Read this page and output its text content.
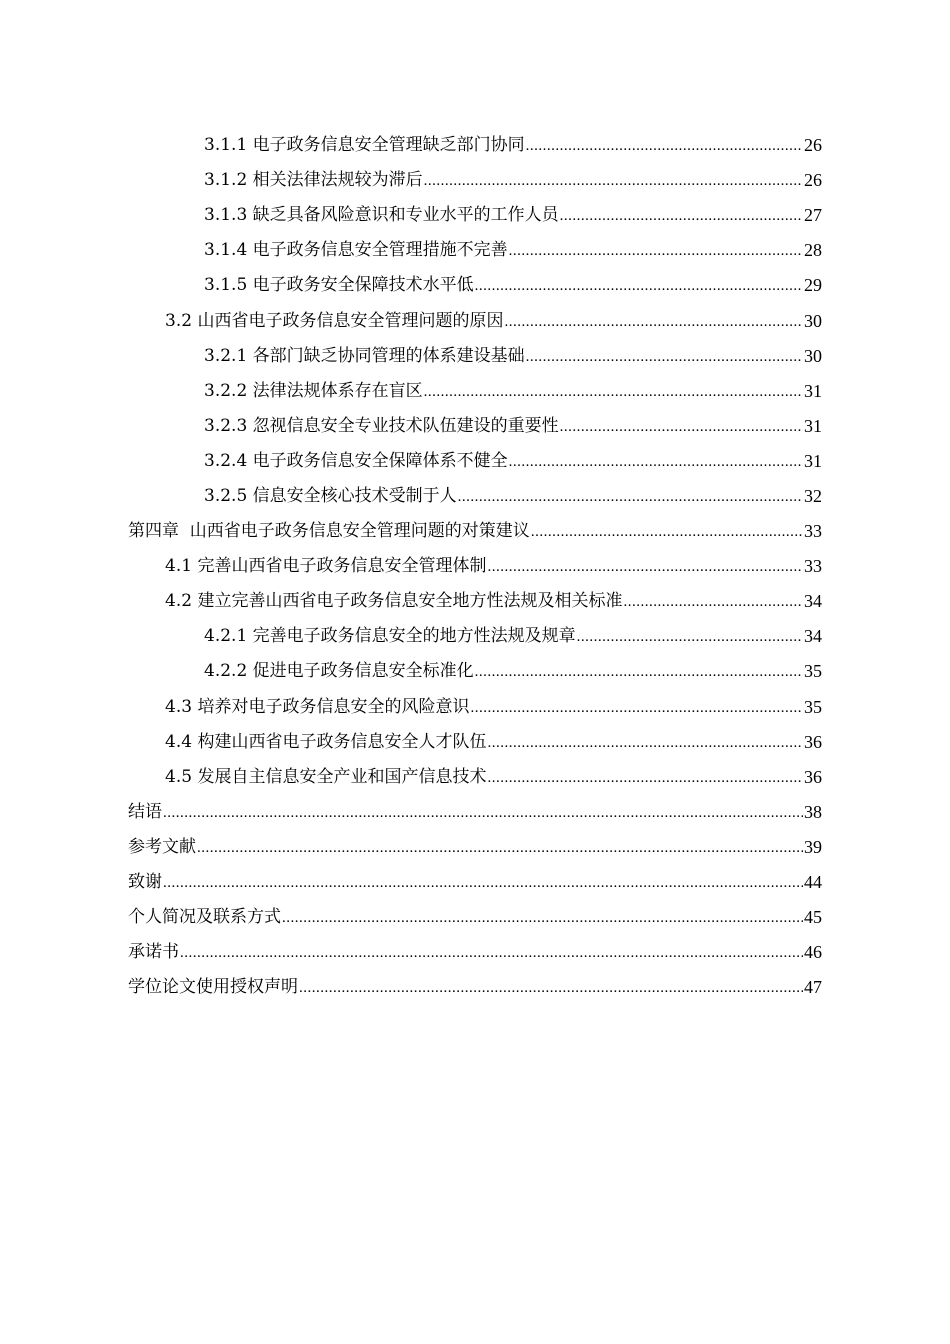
3.1.1 电子政务信息安全管理缺乏部门协同 .....	26
3.1.2 相关法律法规较为滞后 .....	26
3.1.3 缺乏具备风险意识和专业水平的工作人员 .....	27
3.1.4 电子政务信息安全管理措施不完善 .....	28
3.1.5 电子政务安全保障技术水平低 .....	29
3.2 山西省电子政务信息安全管理问题的原因 .....	30
3.2.1 各部门缺乏协同管理的体系建设基础 .....	30
3.2.2 法律法规体系存在盲区 .....	31
3.2.3 忽视信息安全专业技术队伍建设的重要性 .....	31
3.2.4 电子政务信息安全保障体系不健全 .....	31
3.2.5 信息安全核心技术受制于人 .....	32
第四章  山西省电子政务信息安全管理问题的对策建议 .....	33
4.1 完善山西省电子政务信息安全管理体制 .....	33
4.2 建立完善山西省电子政务信息安全地方性法规及相关标准 .....	34
4.2.1 完善电子政务信息安全的地方性法规及规章 .....	34
4.2.2 促进电子政务信息安全标准化 .....	35
4.3 培养对电子政务信息安全的风险意识 .....	35
4.4 构建山西省电子政务信息安全人才队伍 .....	36
4.5 发展自主信息安全产业和国产信息技术 .....	36
结语 .....	38
参考文献 .....	39
致谢 .....	44
个人简况及联系方式 .....	45
承诺书 .....	46
学位论文使用授权声明 .....	47
